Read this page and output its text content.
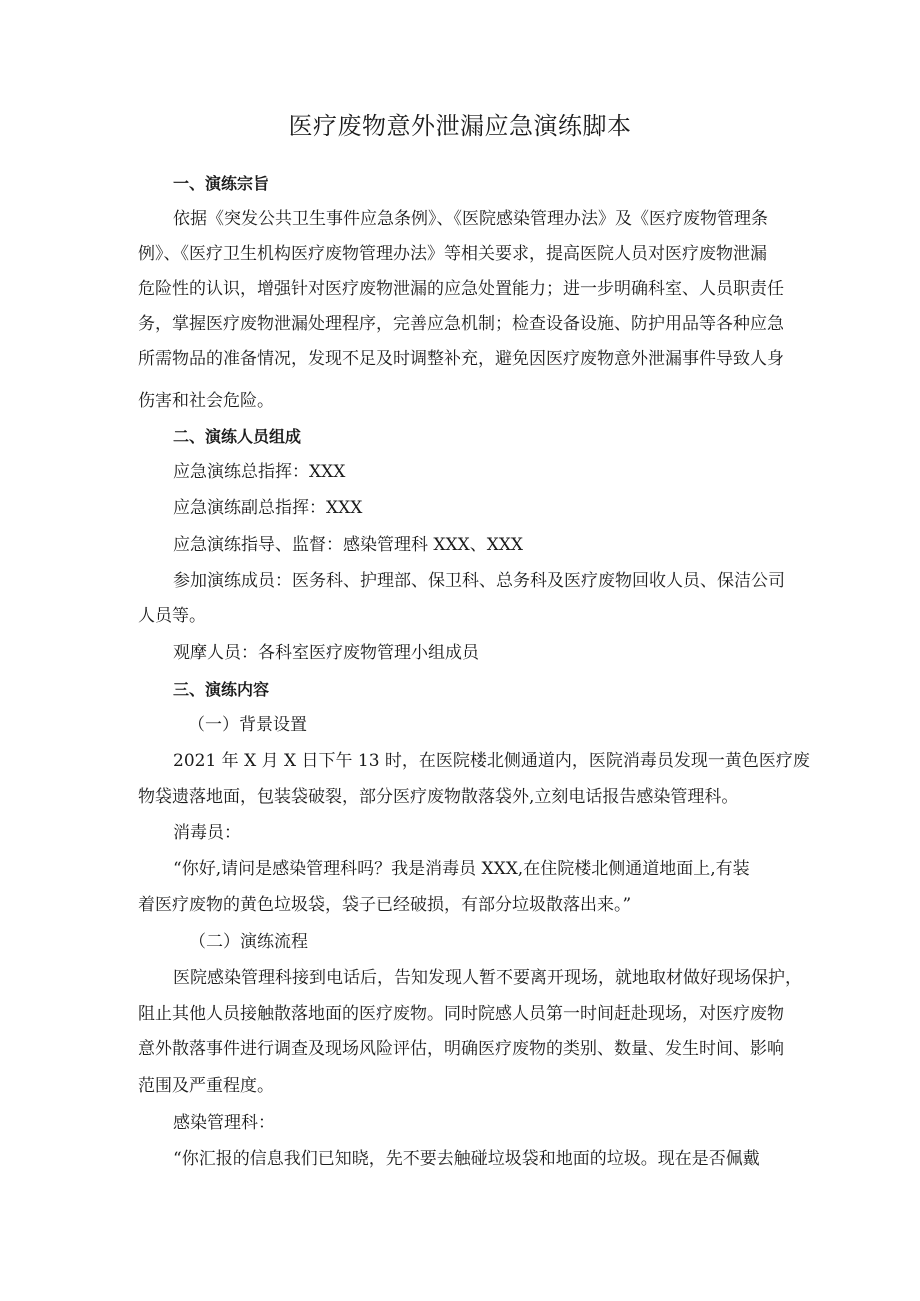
医疗废物意外泄漏应急演练脚本
一、演练宗旨
依据《突发公共卫生事件应急条例》、《医院感染管理办法》及《医疗废物管理条
例》、《医疗卫生机构医疗废物管理办法》等相关要求，提高医院人员对医疗废物泄漏
危险性的认识，增强针对医疗废物泄漏的应急处置能力；进一步明确科室、人员职责任
务，掌握医疗废物泄漏处理程序，完善应急机制；检查设备设施、防护用品等各种应急
所需物品的准备情况，发现不足及时调整补充，避免因医疗废物意外泄漏事件导致人身
伤害和社会危险。
二、演练人员组成
应急演练总指挥：XXX
应急演练副总指挥：XXX
应急演练指导、监督：感染管理科 XXX、XXX
参加演练成员：医务科、护理部、保卫科、总务科及医疗废物回收人员、保洁公司
人员等。
观摩人员：各科室医疗废物管理小组成员
三、演练内容
（一）背景设置
2021 年 X 月 X 日下午 13 时，在医院楼北侧通道内，医院消毒员发现一黄色医疗废
物袋遗落地面，包装袋破裂，部分医疗废物散落袋外,立刻电话报告感染管理科。
消毒员：
“你好,请问是感染管理科吗？我是消毒员 XXX,在住院楼北侧通道地面上,有装
着医疗废物的黄色垃圾袋，袋子已经破损，有部分垃圾散落出来。”
（二）演练流程
医院感染管理科接到电话后，告知发现人暂不要离开现场，就地取材做好现场保护，
阻止其他人员接触散落地面的医疗废物。同时院感人员第一时间赶赴现场，对医疗废物
意外散落事件进行调查及现场风险评估，明确医疗废物的类别、数量、发生时间、影响
范围及严重程度。
感染管理科：
“你汇报的信息我们已知晓，先不要去触碰垃圾袋和地面的垃圾。现在是否佩戴
